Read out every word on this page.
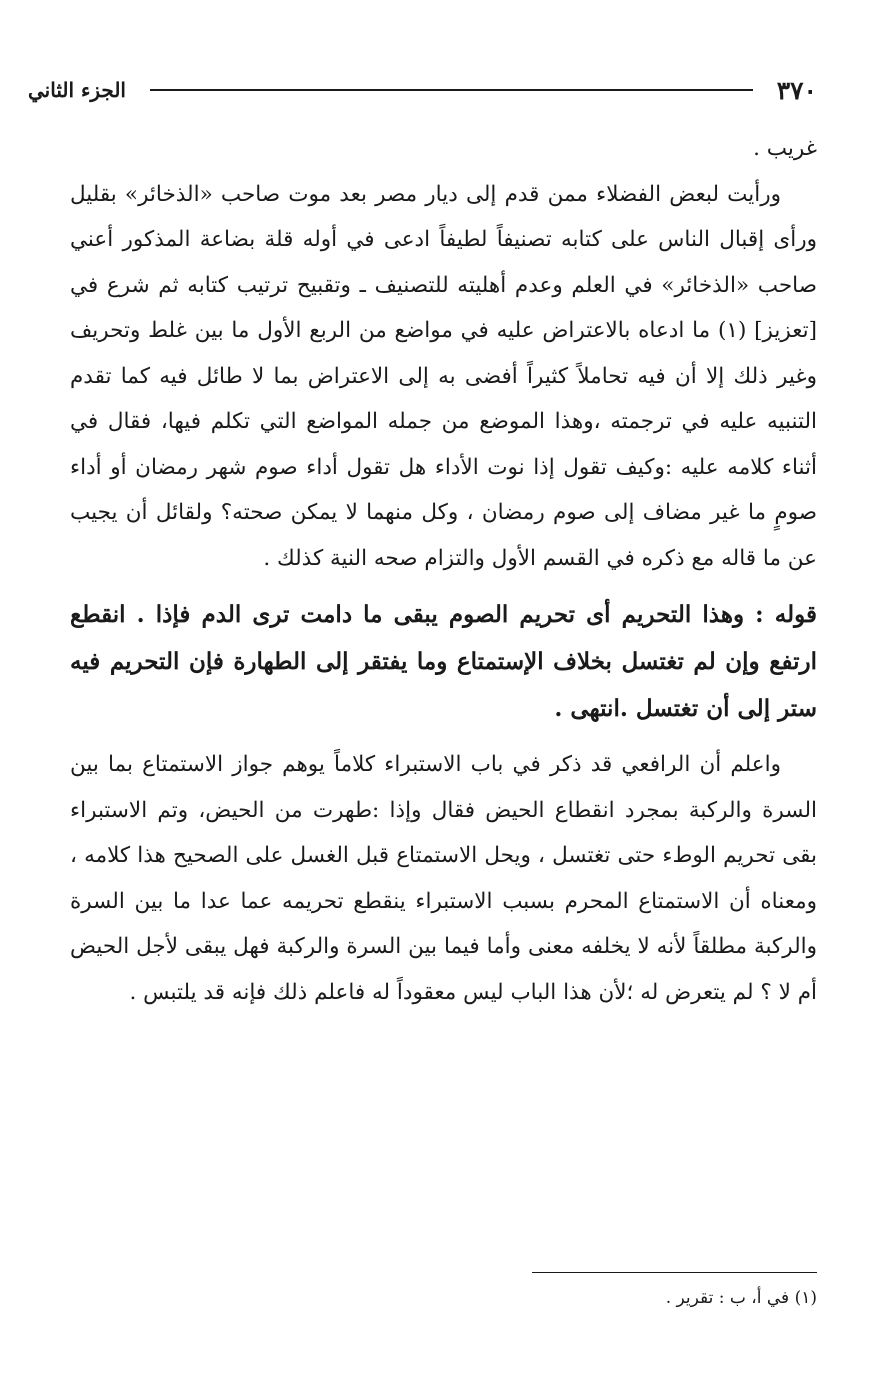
٣٧٠
الجزء الثاني

غريب .

ورأيت لبعض الفضلاء ممن قدم إلى ديار مصر بعد موت صاحب «الذخائر» بقليل ورأى إقبال الناس على كتابه تصنيفاً لطيفاً ادعى في أوله قلة بضاعة المذكور أعني صاحب «الذخائر» في العلم وعدم أهليته للتصنيف ـ وتقبيح ترتيب كتابه ثم شرع في [تعزيز] (١) ما ادعاه بالاعتراض عليه في مواضع من الربع الأول ما بين غلط وتحريف وغير ذلك إلا أن فيه تحاملاً كثيراً أفضى به إلى الاعتراض بما لا طائل فيه كما تقدم التنبيه عليه في ترجمته ،وهذا الموضع من جمله المواضع التي تكلم فيها، فقال في أثناء كلامه عليه :وكيف تقول إذا نوت الأداء هل تقول أداء صوم شهر رمضان أو أداء صومٍ ما غير مضاف إلى صوم رمضان ، وكل منهما لا يمكن صحته؟ ولقائل أن يجيب عن ما قاله مع ذكره في القسم الأول والتزام صحه النية كذلك .

قوله : وهذا التحريم أى تحريم الصوم يبقى ما دامت ترى الدم فإذا . انقطع ارتفع وإن لم تغتسل بخلاف الإستمتاع وما يفتقر إلى الطهارة فإن التحريم فيه ستر إلى أن تغتسل .انتهى .

واعلم أن الرافعي قد ذكر في باب الاستبراء كلاماً يوهم جواز الاستمتاع بما بين السرة والركبة بمجرد انقطاع الحيض فقال وإذا :طهرت من الحيض، وتم الاستبراء بقى تحريم الوطء حتى تغتسل ، ويحل الاستمتاع قبل الغسل على الصحيح هذا كلامه ، ومعناه أن الاستمتاع المحرم بسبب الاستبراء ينقطع تحريمه عما عدا ما بين السرة والركبة مطلقاً لأنه لا يخلفه معنى وأما فيما بين السرة والركبة فهل يبقى لأجل الحيض أم لا ؟ لم يتعرض له ؛لأن هذا الباب ليس معقوداً له فاعلم ذلك فإنه قد يلتبس .

(١) في أ، ب : تقرير .
